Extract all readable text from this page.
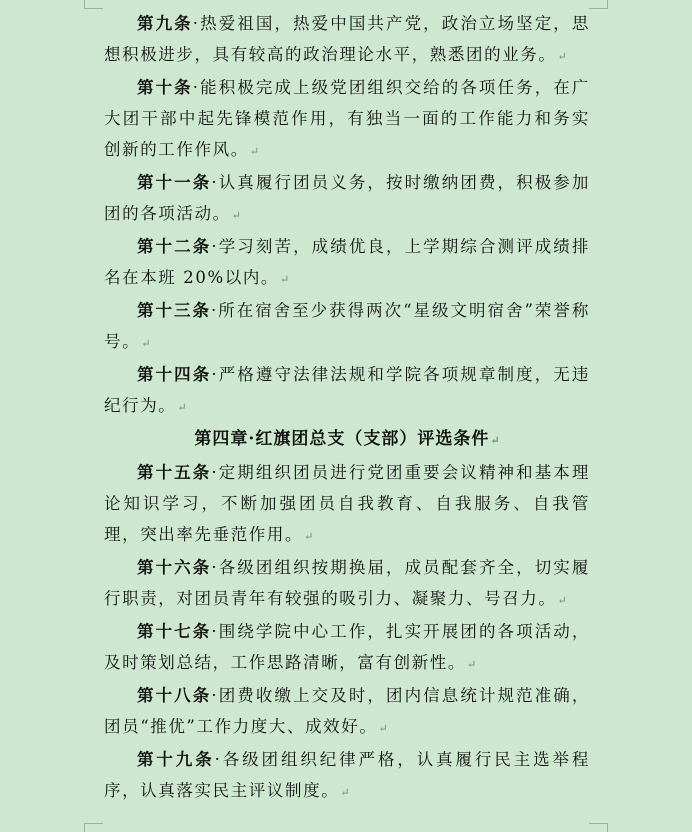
第九条·热爱祖国，热爱中国共产党，政治立场坚定，思想积极进步，具有较高的政治理论水平，熟悉团的业务。↵

第十条·能积极完成上级党团组织交给的各项任务，在广大团干部中起先锋模范作用，有独当一面的工作能力和务实创新的工作作风。↵

第十一条·认真履行团员义务，按时缴纳团费，积极参加团的各项活动。↵

第十二条·学习刻苦，成绩优良，上学期综合测评成绩排名在本班 20%以内。↵

第十三条·所在宿舍至少获得两次“星级文明宿舍”荣誉称号。↵

第十四条·严格遵守法律法规和学院各项规章制度，无违纪行为。↵

第四章·红旗团总支（支部）评选条件↵

第十五条·定期组织团员进行党团重要会议精神和基本理论知识学习，不断加强团员自我教育、自我服务、自我管理，突出率先垂范作用。↵

第十六条·各级团组织按期换届，成员配套齐全，切实履行职责，对团员青年有较强的吸引力、凝聚力、号召力。↵

第十七条·围绕学院中心工作，扎实开展团的各项活动，及时策划总结，工作思路清晰，富有创新性。↵

第十八条·团费收缴上交及时，团内信息统计规范准确，团员“推优”工作力度大、成效好。↵

第十九条·各级团组织纪律严格，认真履行民主选举程序，认真落实民主评议制度。↵
